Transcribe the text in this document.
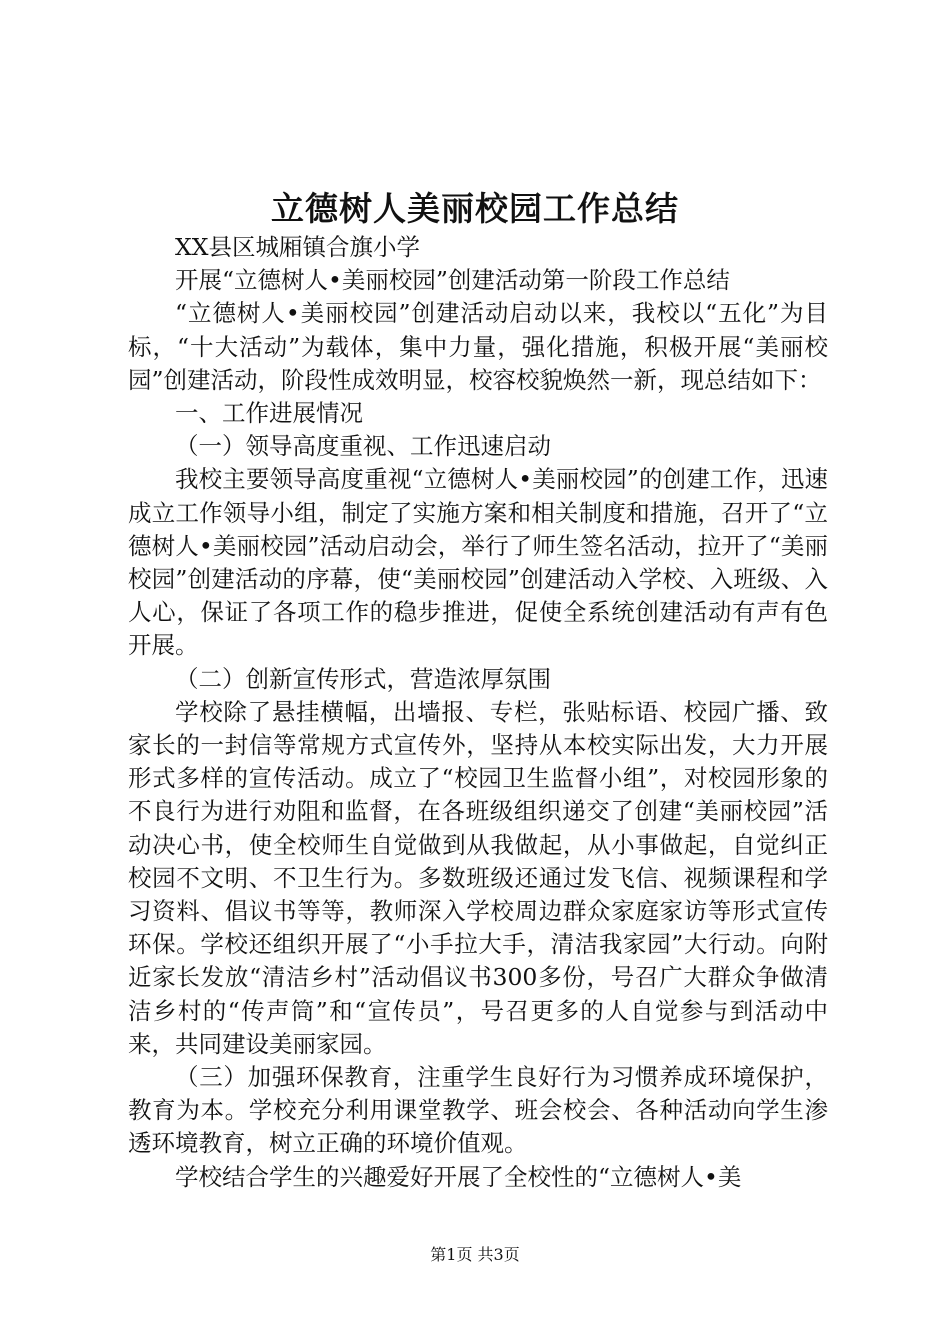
立德树人美丽校园工作总结

XX县区城厢镇合旗小学

开展“立德树人•美丽校园”创建活动第一阶段工作总结

“立德树人•美丽校园”创建活动启动以来，我校以“五化”为目标，“十大活动”为载体，集中力量，强化措施，积极开展“美丽校园”创建活动，阶段性成效明显，校容校貌焕然一新，现总结如下：

一、工作进展情况

（一）领导高度重视、工作迅速启动

我校主要领导高度重视“立德树人•美丽校园”的创建工作，迅速成立工作领导小组，制定了实施方案和相关制度和措施，召开了“立德树人•美丽校园”活动启动会，举行了师生签名活动，拉开了“美丽校园”创建活动的序幕，使“美丽校园”创建活动入学校、入班级、入人心，保证了各项工作的稳步推进，促使全系统创建活动有声有色开展。

（二）创新宣传形式，营造浓厚氛围

学校除了悬挂横幅，出墙报、专栏，张贴标语、校园广播、致家长的一封信等常规方式宣传外，坚持从本校实际出发，大力开展形式多样的宣传活动。成立了“校园卫生监督小组”，对校园形象的不良行为进行劝阻和监督，在各班级组织递交了创建“美丽校园”活动决心书，使全校师生自觉做到从我做起，从小事做起，自觉纠正校园不文明、不卫生行为。多数班级还通过发飞信、视频课程和学习资料、倡议书等等，教师深入学校周边群众家庭家访等形式宣传环保。学校还组织开展了“小手拉大手，清洁我家园”大行动。向附近家长发放“清洁乡村”活动倡议书300多份，号召广大群众争做清洁乡村的“传声筒”和“宣传员”，号召更多的人自觉参与到活动中来，共同建设美丽家园。

（三）加强环保教育，注重学生良好行为习惯养成环境保护，教育为本。学校充分利用课堂教学、班会校会、各种活动向学生渗透环境教育，树立正确的环境价值观。

学校结合学生的兴趣爱好开展了全校性的“立德树人•美

第1页 共3页
